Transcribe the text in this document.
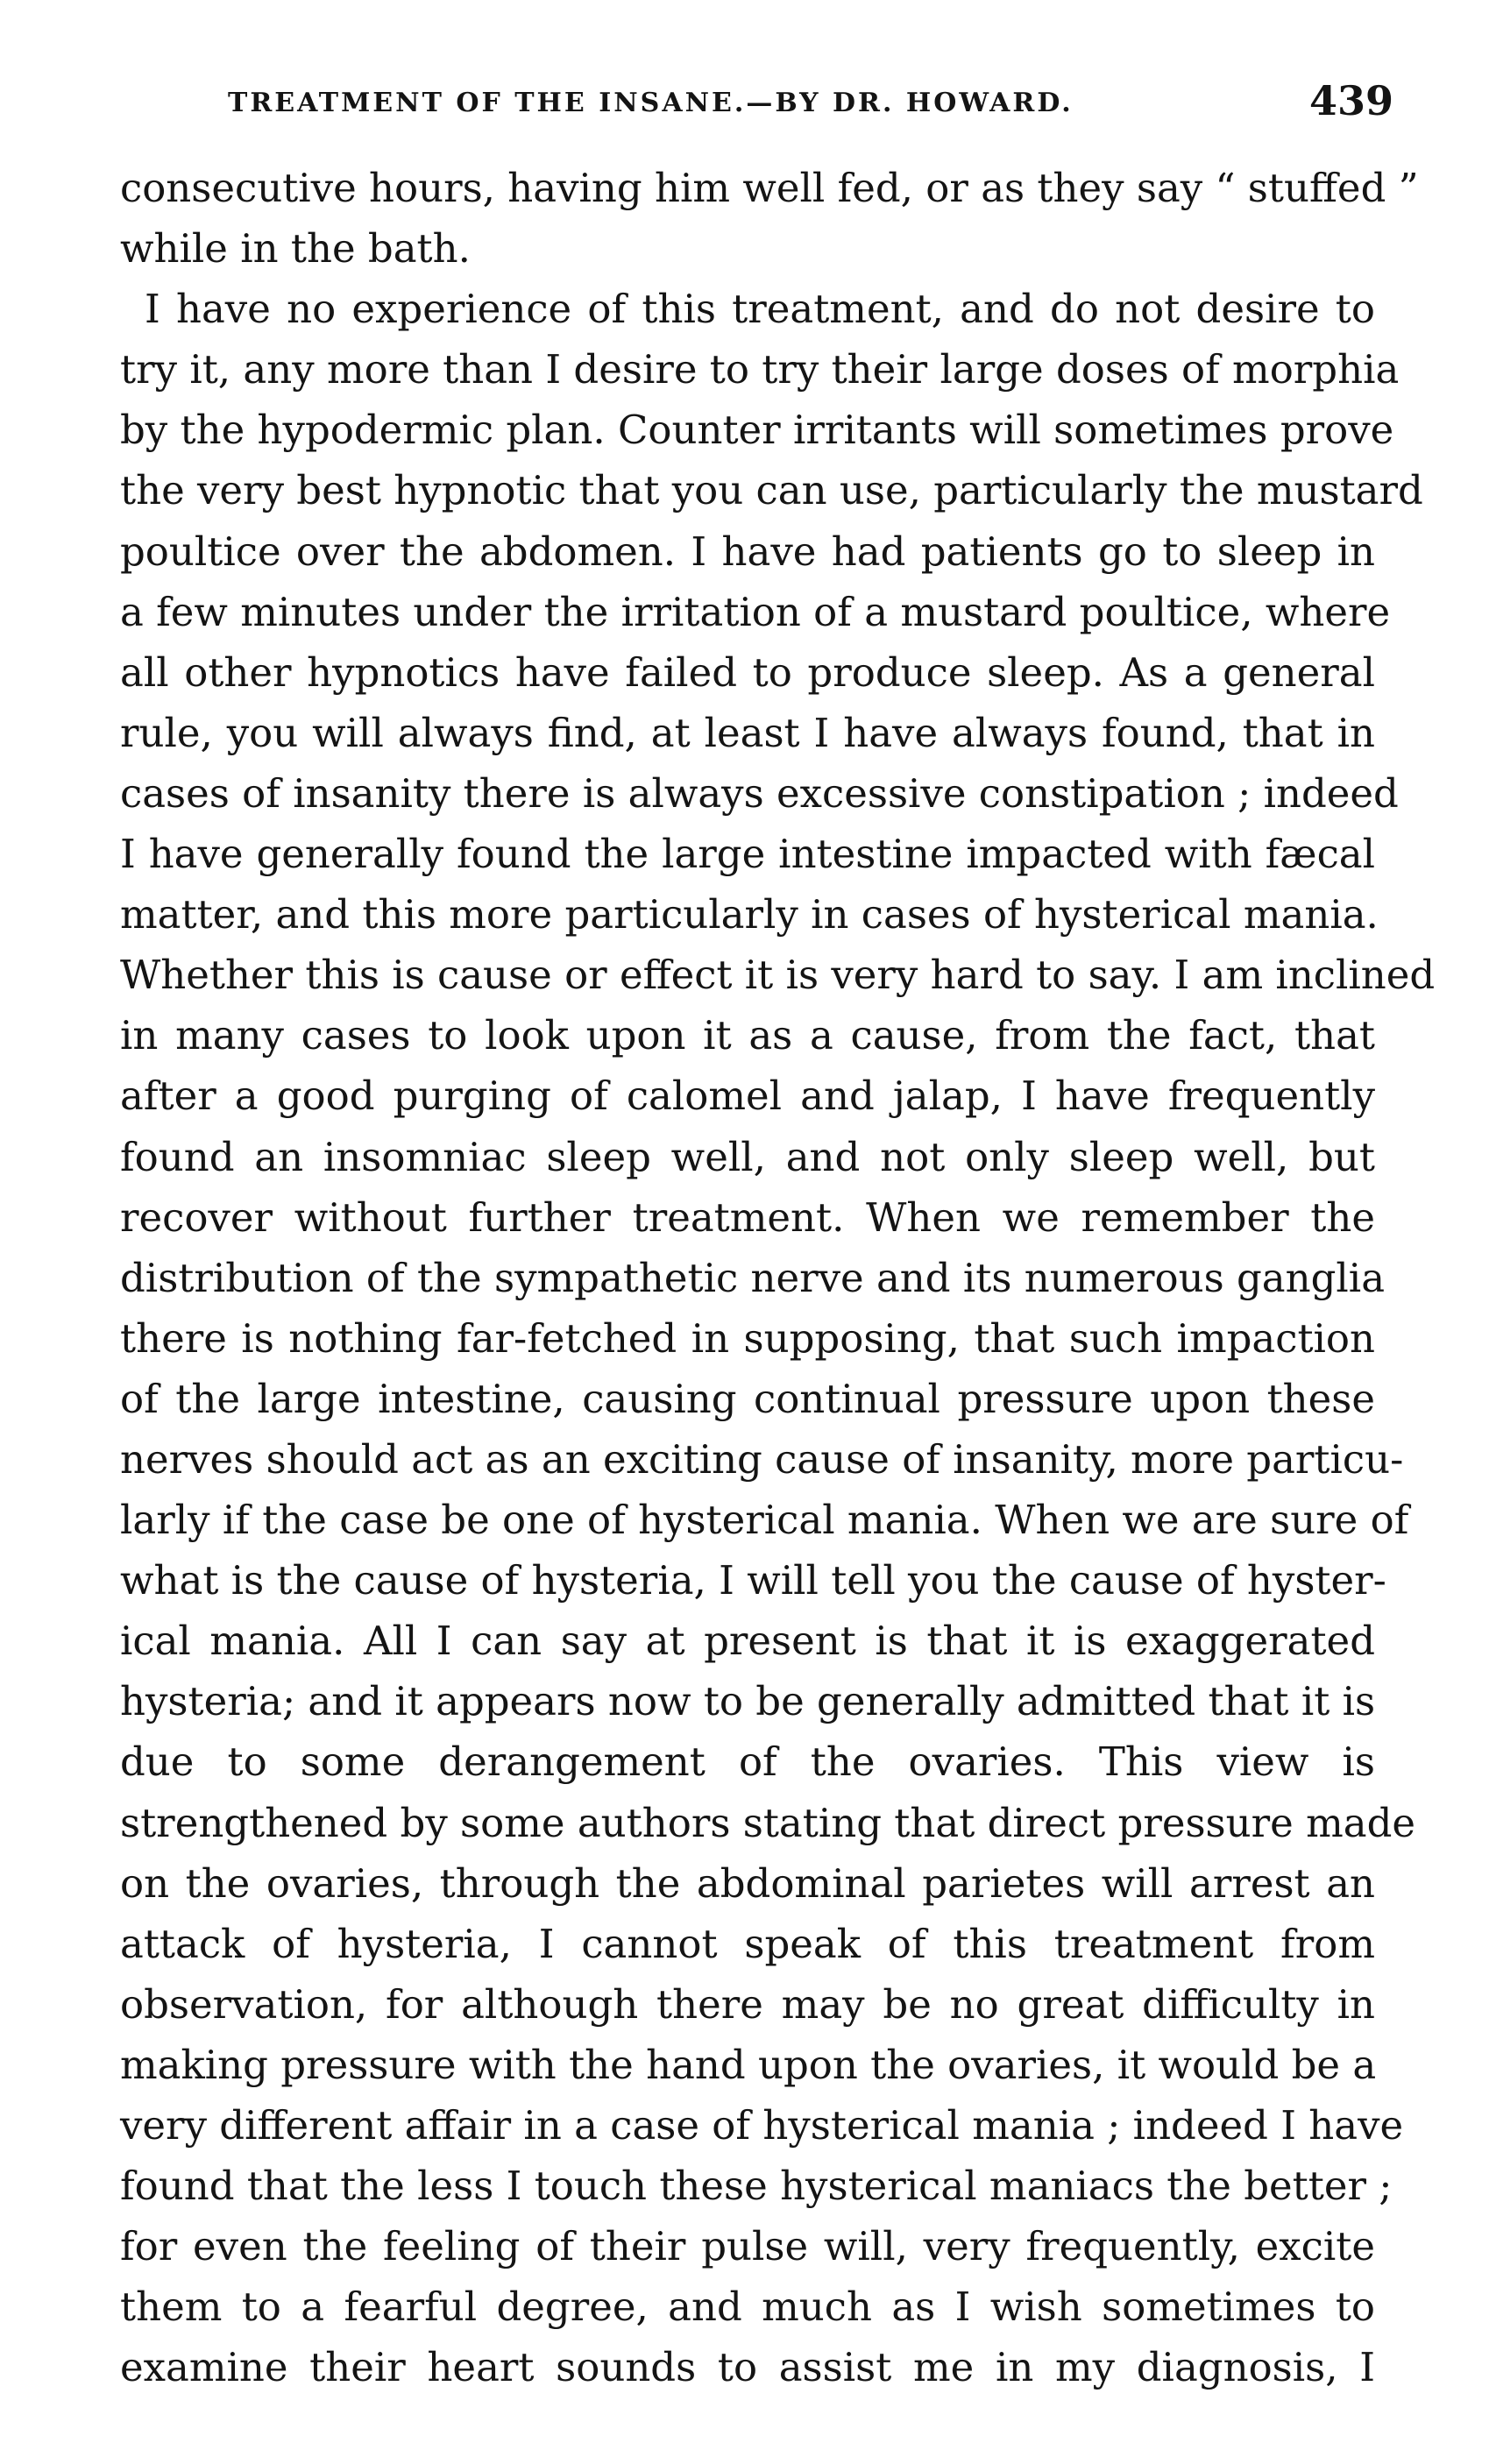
TREATMENT OF THE INSANE.—BY DR. HOWARD.	439
consecutive hours, having him well fed, or as they say “ stuffed ”
while in the bath.
I have no experience of this treatment, and do not desire to
try it, any more than I desire to try their large doses of morphia
by the hypodermic plan. Counter irritants will sometimes prove
the very best hypnotic that you can use, particularly the mustard
poultice over the abdomen. I have had patients go to sleep in
a few minutes under the irritation of a mustard poultice, where
all other hypnotics have failed to produce sleep. As a general
rule, you will always find, at least I have always found, that in
cases of insanity there is always excessive constipation ; indeed
I have generally found the large intestine impacted with fæcal
matter, and this more particularly in cases of hysterical mania.
Whether this is cause or effect it is very hard to say. I am inclined
in many cases to look upon it as a cause, from the fact, that
after a good purging of calomel and jalap, I have frequently
found an insomniac sleep well, and not only sleep well, but
recover without further treatment. When we remember the
distribution of the sympathetic nerve and its numerous ganglia
there is nothing far-fetched in supposing, that such impaction
of the large intestine, causing continual pressure upon these
nerves should act as an exciting cause of insanity, more particu-
larly if the case be one of hysterical mania. When we are sure of
what is the cause of hysteria, I will tell you the cause of hyster-
ical mania. All I can say at present is that it is exaggerated
hysteria; and it appears now to be generally admitted that it is
due to some derangement of the ovaries. This view is
strengthened by some authors stating that direct pressure made
on the ovaries, through the abdominal parietes will arrest an
attack of hysteria, I cannot speak of this treatment from
observation, for although there may be no great difficulty in
making pressure with the hand upon the ovaries, it would be a
very different affair in a case of hysterical mania ; indeed I have
found that the less I touch these hysterical maniacs the better ;
for even the feeling of their pulse will, very frequently, excite
them to a fearful degree, and much as I wish sometimes to
examine their heart sounds to assist me in my diagnosis, I
